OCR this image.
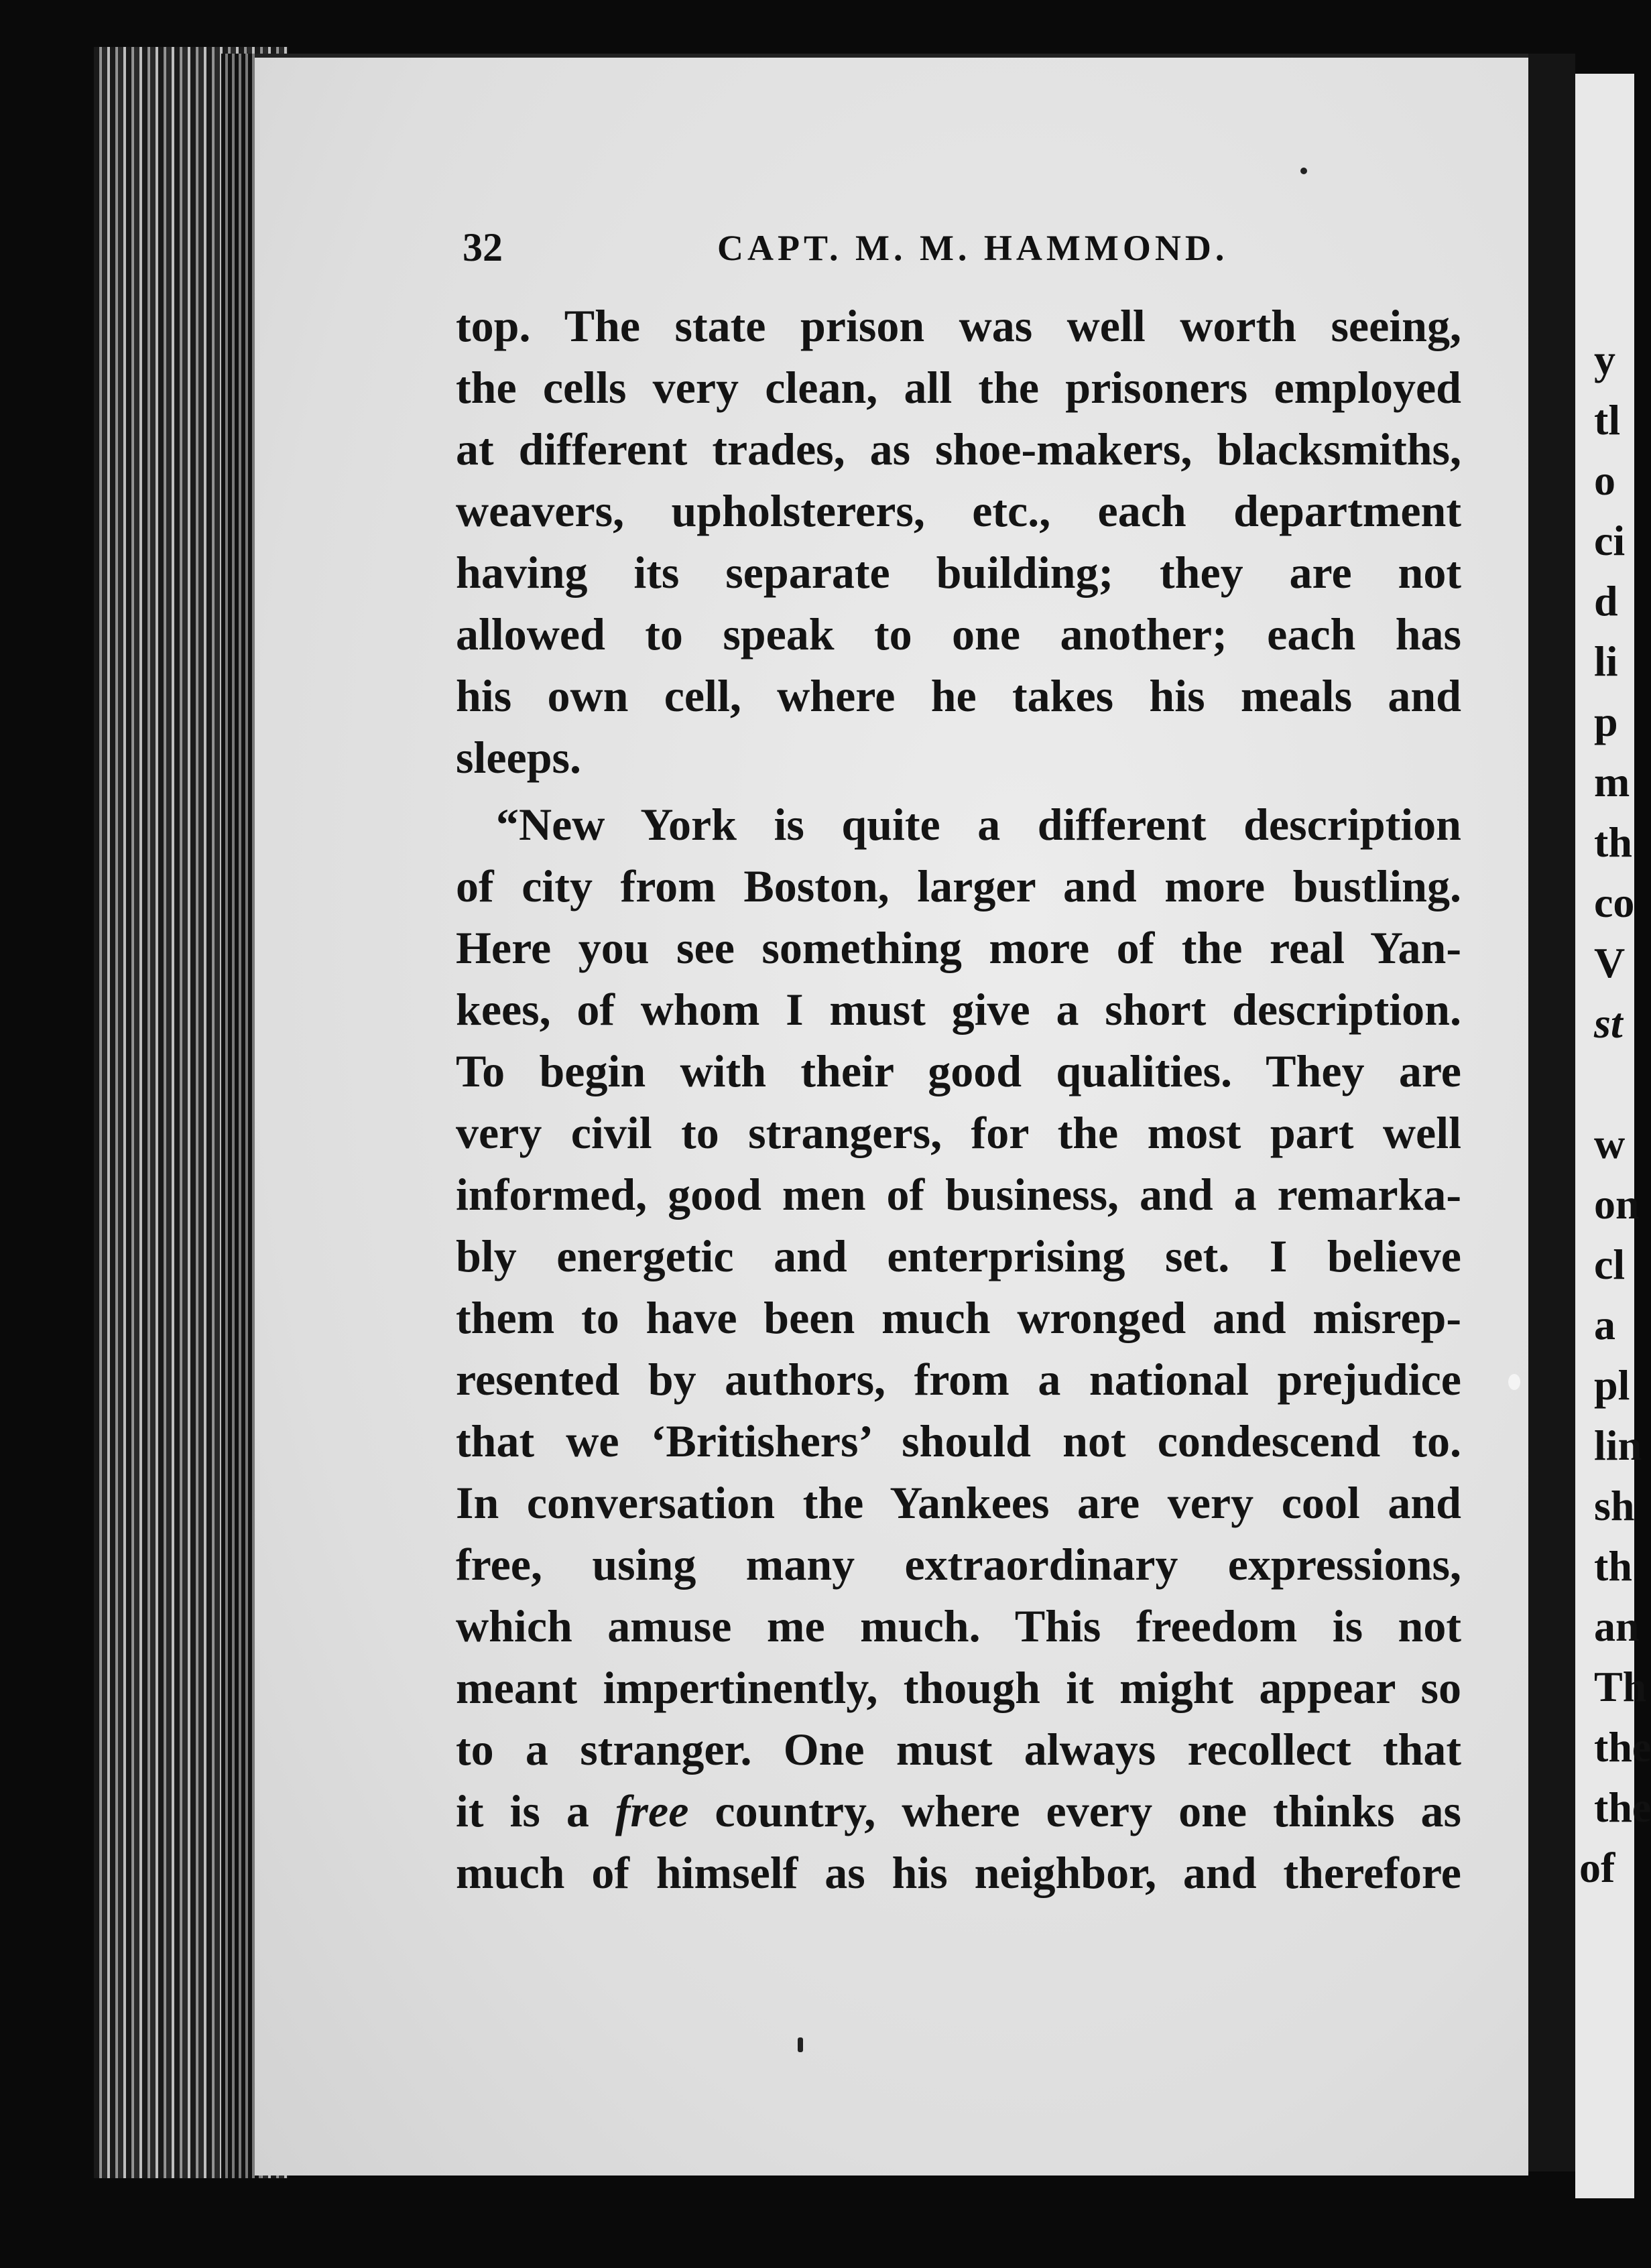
y
tl
o
ci
d
li
p
m
th
co
V
st
w
on
cl
a
pl
lin
sh
th
an
Th
the
the
of
32	CAPT. M. M. HAMMOND.
top. The state prison was well worth seeing,
the cells very clean, all the prisoners employed
at different trades, as shoe-makers, blacksmiths,
weavers, upholsterers, etc., each department
having its separate building; they are not
allowed to speak to one another; each has
his own cell, where he takes his meals and
sleeps.
“New York is quite a different description
of city from Boston, larger and more bustling.
Here you see something more of the real Yan-
kees, of whom I must give a short description.
To begin with their good qualities. They are
very civil to strangers, for the most part well
informed, good men of business, and a remarka-
bly energetic and enterprising set. I believe
them to have been much wronged and misrep-
resented by authors, from a national prejudice
that we ‘Britishers’ should not condescend to.
In conversation the Yankees are very cool and
free, using many extraordinary expressions,
which amuse me much. This freedom is not
meant impertinently, though it might appear so
to a stranger. One must always recollect that
it is a free country, where every one thinks as
much of himself as his neighbor, and therefore
